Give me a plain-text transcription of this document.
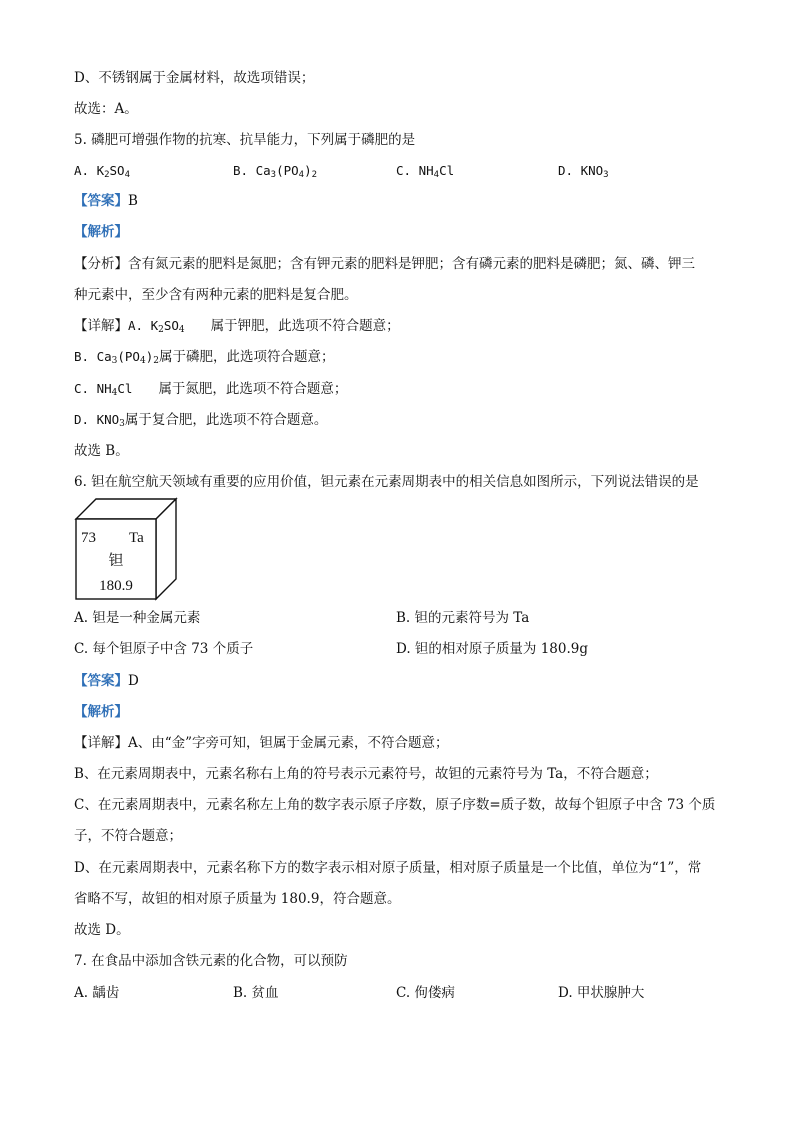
D、不锈钢属于金属材料，故选项错误；
故选：A。
5. 磷肥可增强作物的抗寒、抗旱能力，下列属于磷肥的是
A. $K_2SO_4$	B. $Ca_3(PO_4)_2$	C. $NH_4Cl$	D. $KNO_3$
【答案】B
【解析】
【分析】含有氮元素的肥料是氮肥；含有钾元素的肥料是钾肥；含有磷元素的肥料是磷肥；氮、磷、钾三
种元素中，至少含有两种元素的肥料是复合肥。
【详解】A. $K_2SO_4$ 属于钾肥，此选项不符合题意；
B. $Ca_3(PO_4)_2$属于磷肥，此选项符合题意；
C. $NH_4Cl$ 属于氮肥，此选项不符合题意；
D. $KNO_3$属于复合肥，此选项不符合题意。
故选 B。
6. 钽在航空航天领域有重要的应用价值，钽元素在元素周期表中的相关信息如图所示，下列说法错误的是
73 Ta
钽
180.9
A. 钽是一种金属元素	B. 钽的元素符号为 Ta
C. 每个钽原子中含 73 个质子	D. 钽的相对原子质量为 180.9g
【答案】D
【解析】
【详解】A、由“金”字旁可知，钽属于金属元素，不符合题意；
B、在元素周期表中，元素名称右上角的符号表示元素符号，故钽的元素符号为 Ta，不符合题意；
C、在元素周期表中，元素名称左上角的数字表示原子序数，原子序数=质子数，故每个钽原子中含 73 个质
子，不符合题意；
D、在元素周期表中，元素名称下方的数字表示相对原子质量，相对原子质量是一个比值，单位为“1”，常
省略不写，故钽的相对原子质量为 180.9，符合题意。
故选 D。
7. 在食品中添加含铁元素的化合物，可以预防
A. 龋齿	B. 贫血	C. 佝偻病	D. 甲状腺肿大
